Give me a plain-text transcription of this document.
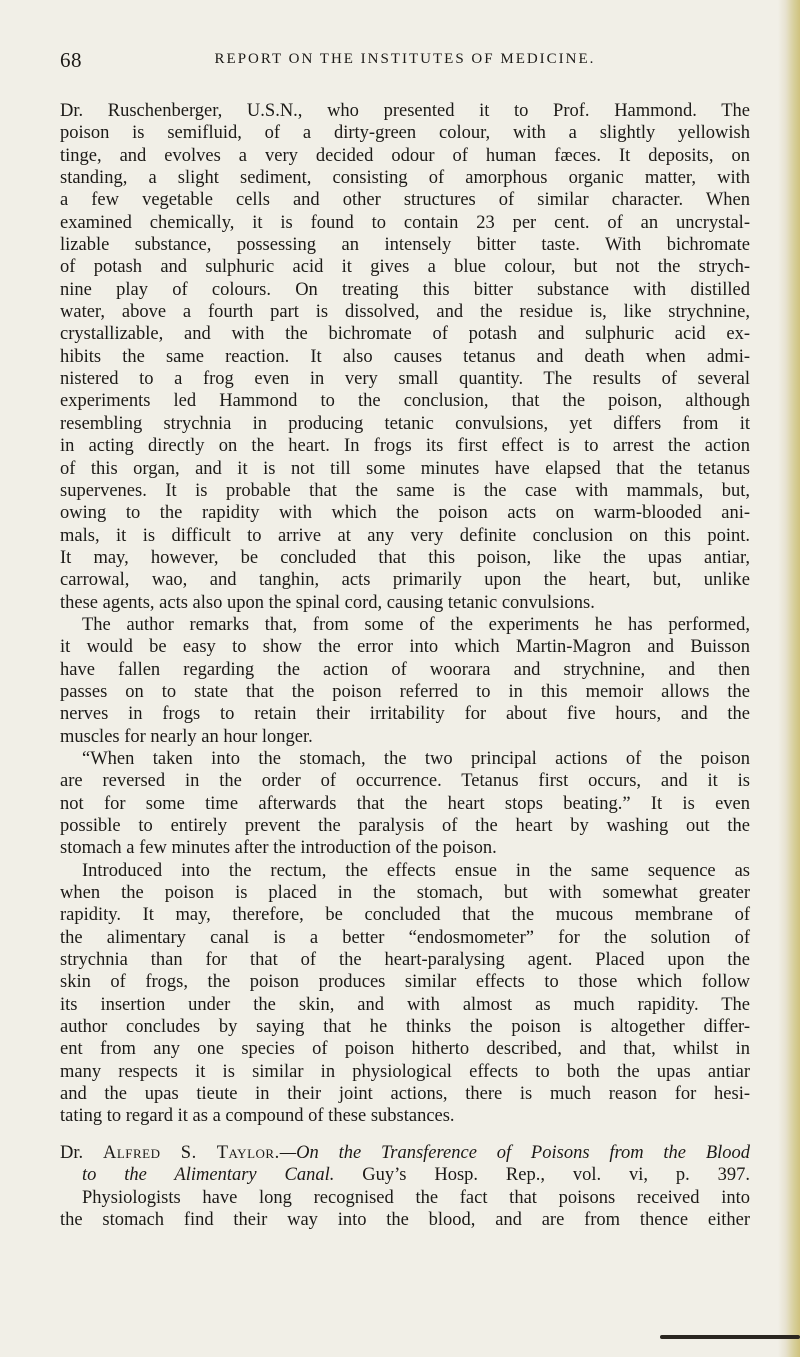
68	REPORT ON THE INSTITUTES OF MEDICINE.
Dr. Ruschenberger, U.S.N., who presented it to Prof. Hammond. The
poison is semifluid, of a dirty-green colour, with a slightly yellowish
tinge, and evolves a very decided odour of human fæces. It deposits, on
standing, a slight sediment, consisting of amorphous organic matter, with
a few vegetable cells and other structures of similar character. When
examined chemically, it is found to contain 23 per cent. of an uncrystal-
lizable substance, possessing an intensely bitter taste. With bichromate
of potash and sulphuric acid it gives a blue colour, but not the strych-
nine play of colours. On treating this bitter substance with distilled
water, above a fourth part is dissolved, and the residue is, like strychnine,
crystallizable, and with the bichromate of potash and sulphuric acid ex-
hibits the same reaction. It also causes tetanus and death when admi-
nistered to a frog even in very small quantity. The results of several
experiments led Hammond to the conclusion, that the poison, although
resembling strychnia in producing tetanic convulsions, yet differs from it
in acting directly on the heart. In frogs its first effect is to arrest the action
of this organ, and it is not till some minutes have elapsed that the tetanus
supervenes. It is probable that the same is the case with mammals, but,
owing to the rapidity with which the poison acts on warm-blooded ani-
mals, it is difficult to arrive at any very definite conclusion on this point.
It may, however, be concluded that this poison, like the upas antiar,
carrowal, wao, and tanghin, acts primarily upon the heart, but, unlike
these agents, acts also upon the spinal cord, causing tetanic convulsions.
The author remarks that, from some of the experiments he has performed,
it would be easy to show the error into which Martin-Magron and Buisson
have fallen regarding the action of woorara and strychnine, and then
passes on to state that the poison referred to in this memoir allows the
nerves in frogs to retain their irritability for about five hours, and the
muscles for nearly an hour longer.
“When taken into the stomach, the two principal actions of the poison
are reversed in the order of occurrence. Tetanus first occurs, and it is
not for some time afterwards that the heart stops beating.” It is even
possible to entirely prevent the paralysis of the heart by washing out the
stomach a few minutes after the introduction of the poison.
Introduced into the rectum, the effects ensue in the same sequence as
when the poison is placed in the stomach, but with somewhat greater
rapidity. It may, therefore, be concluded that the mucous membrane of
the alimentary canal is a better “endosmometer” for the solution of
strychnia than for that of the heart-paralysing agent. Placed upon the
skin of frogs, the poison produces similar effects to those which follow
its insertion under the skin, and with almost as much rapidity. The
author concludes by saying that he thinks the poison is altogether differ-
ent from any one species of poison hitherto described, and that, whilst in
many respects it is similar in physiological effects to both the upas antiar
and the upas tieute in their joint actions, there is much reason for hesi-
tating to regard it as a compound of these substances.
Dr. Alfred S. Taylor.—On the Transference of Poisons from the Blood
to the Alimentary Canal. Guy’s Hosp. Rep., vol. vi, p. 397.
Physiologists have long recognised the fact that poisons received into
the stomach find their way into the blood, and are from thence either
